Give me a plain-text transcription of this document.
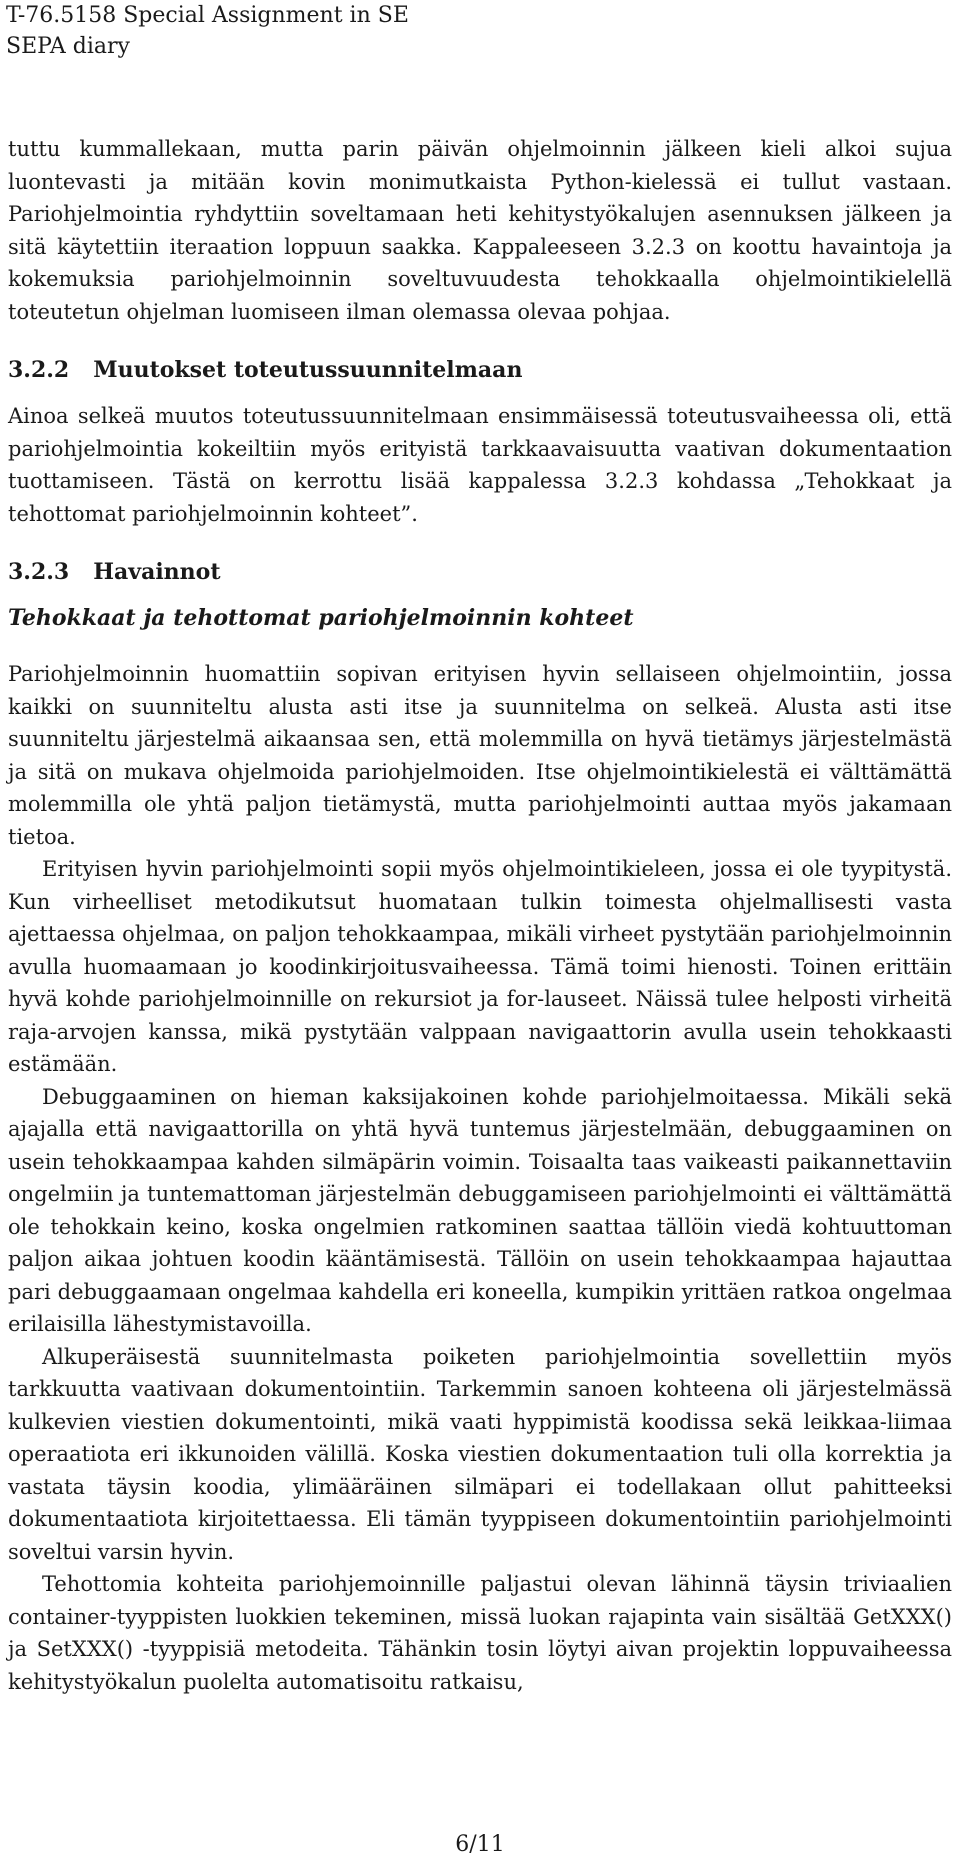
T-76.5158 Special Assignment in SE
SEPA diary

tuttu kummallekaan, mutta parin päivän ohjelmoinnin jälkeen kieli alkoi sujua luontevasti ja mitään kovin monimutkaista Python-kielessä ei tullut vastaan. Pariohjelmointia ryhdyttiin soveltamaan heti kehitystyökalujen asennuksen jälkeen ja sitä käytettiin iteraation loppuun saakka. Kappaleeseen 3.2.3 on koottu havaintoja ja kokemuksia pariohjelmoinnin soveltuvuudesta tehokkaalla ohjelmointikielellä toteutetun ohjelman luomiseen ilman olemassa olevaa pohjaa.

3.2.2 Muutokset toteutussuunnitelmaan

Ainoa selkeä muutos toteutussuunnitelmaan ensimmäisessä toteutusvaiheessa oli, että pariohjelmointia kokeiltiin myös erityistä tarkkaavaisuutta vaativan dokumentaation tuottamiseen. Tästä on kerrottu lisää kappalessa 3.2.3 kohdassa „Tehokkaat ja tehottomat pariohjelmoinnin kohteet”.

3.2.3 Havainnot
Tehokkaat ja tehottomat pariohjelmoinnin kohteet

Pariohjelmoinnin huomattiin sopivan erityisen hyvin sellaiseen ohjelmointiin, jossa kaikki on suunniteltu alusta asti itse ja suunnitelma on selkeä. Alusta asti itse suunniteltu järjestelmä aikaansaa sen, että molemmilla on hyvä tietämys järjestelmästä ja sitä on mukava ohjelmoida pariohjelmoiden. Itse ohjelmointikielestä ei välttämättä molemmilla ole yhtä paljon tietämystä, mutta pariohjelmointi auttaa myös jakamaan tietoa.

Erityisen hyvin pariohjelmointi sopii myös ohjelmointikieleen, jossa ei ole tyypitystä. Kun virheelliset metodikutsut huomataan tulkin toimesta ohjelmallisesti vasta ajettaessa ohjelmaa, on paljon tehokkaampaa, mikäli virheet pystytään pariohjelmoinnin avulla huomaamaan jo koodinkirjoitusvaiheessa. Tämä toimi hienosti. Toinen erittäin hyvä kohde pariohjelmoinnille on rekursiot ja for-lauseet. Näissä tulee helposti virheitä raja-arvojen kanssa, mikä pystytään valppaan navigaattorin avulla usein tehokkaasti estämään.

Debuggaaminen on hieman kaksijakoinen kohde pariohjelmoitaessa. Mikäli sekä ajajalla että navigaattorilla on yhtä hyvä tuntemus järjestelmään, debuggaaminen on usein tehokkaampaa kahden silmäpärin voimin. Toisaalta taas vaikeasti paikannettaviin ongelmiin ja tuntemattoman järjestelmän debuggamiseen pariohjelmointi ei välttämättä ole tehokkain keino, koska ongelmien ratkominen saattaa tällöin viedä kohtuuttoman paljon aikaa johtuen koodin kääntämisestä. Tällöin on usein tehokkaampaa hajauttaa pari debuggaamaan ongelmaa kahdella eri koneella, kumpikin yrittäen ratkoa ongelmaa erilaisilla lähestymistavoilla.

Alkuperäisestä suunnitelmasta poiketen pariohjelmointia sovellettiin myös tarkkuutta vaativaan dokumentointiin. Tarkemmin sanoen kohteena oli järjestelmässä kulkevien viestien dokumentointi, mikä vaati hyppimistä koodissa sekä leikkaa-liimaa operaatiota eri ikkunoiden välillä. Koska viestien dokumentaation tuli olla korrektia ja vastata täysin koodia, ylimääräinen silmäpari ei todellakaan ollut pahitteeksi dokumentaatiota kirjoitettaessa. Eli tämän tyyppiseen dokumentointiin pariohjelmointi soveltui varsin hyvin.

Tehottomia kohteita pariohjemoinnille paljastui olevan lähinnä täysin triviaalien container-tyyppisten luokkien tekeminen, missä luokan rajapinta vain sisältää GetXXX() ja SetXXX() -tyyppisiä metodeita. Tähänkin tosin löytyi aivan projektin loppuvaiheessa kehitystyökalun puolelta automatisoitu ratkaisu,

6/11
